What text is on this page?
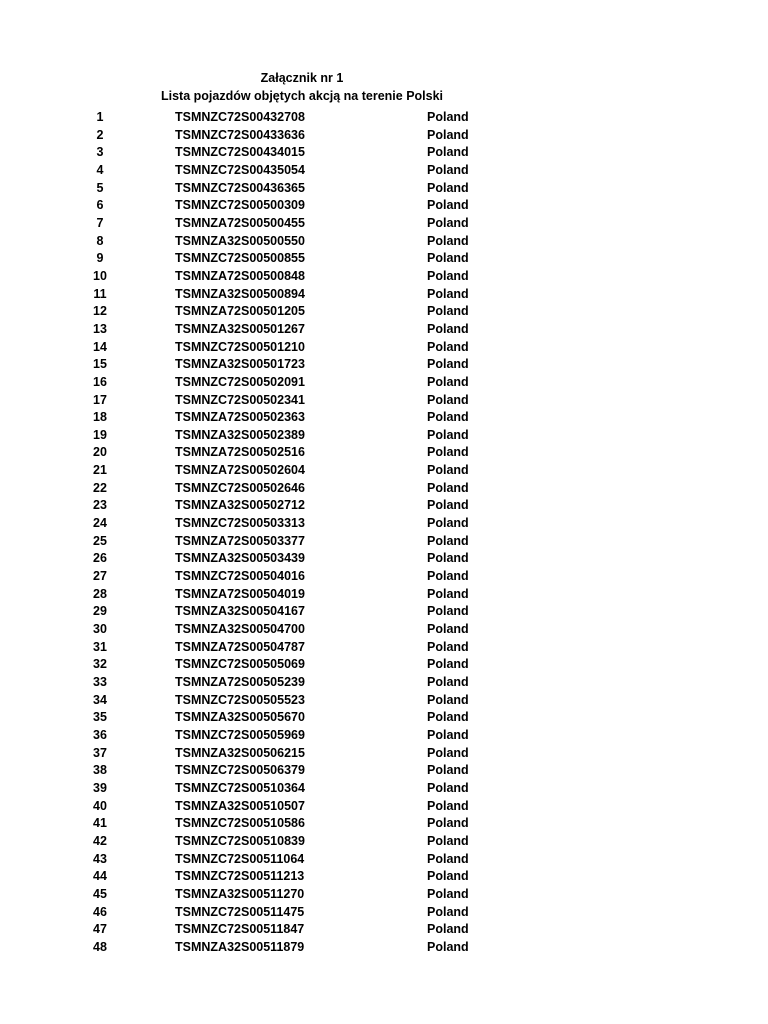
Załącznik nr 1
Lista pojazdów objętych akcją na terenie Polski
1	TSMNZC72S00432708	Poland
2	TSMNZC72S00433636	Poland
3	TSMNZC72S00434015	Poland
4	TSMNZC72S00435054	Poland
5	TSMNZC72S00436365	Poland
6	TSMNZC72S00500309	Poland
7	TSMNZA72S00500455	Poland
8	TSMNZA32S00500550	Poland
9	TSMNZC72S00500855	Poland
10	TSMNZA72S00500848	Poland
11	TSMNZA32S00500894	Poland
12	TSMNZA72S00501205	Poland
13	TSMNZA32S00501267	Poland
14	TSMNZC72S00501210	Poland
15	TSMNZA32S00501723	Poland
16	TSMNZC72S00502091	Poland
17	TSMNZC72S00502341	Poland
18	TSMNZA72S00502363	Poland
19	TSMNZA32S00502389	Poland
20	TSMNZA72S00502516	Poland
21	TSMNZA72S00502604	Poland
22	TSMNZC72S00502646	Poland
23	TSMNZA32S00502712	Poland
24	TSMNZC72S00503313	Poland
25	TSMNZA72S00503377	Poland
26	TSMNZA32S00503439	Poland
27	TSMNZC72S00504016	Poland
28	TSMNZA72S00504019	Poland
29	TSMNZA32S00504167	Poland
30	TSMNZA32S00504700	Poland
31	TSMNZA72S00504787	Poland
32	TSMNZC72S00505069	Poland
33	TSMNZA72S00505239	Poland
34	TSMNZC72S00505523	Poland
35	TSMNZA32S00505670	Poland
36	TSMNZC72S00505969	Poland
37	TSMNZA32S00506215	Poland
38	TSMNZC72S00506379	Poland
39	TSMNZC72S00510364	Poland
40	TSMNZA32S00510507	Poland
41	TSMNZC72S00510586	Poland
42	TSMNZC72S00510839	Poland
43	TSMNZC72S00511064	Poland
44	TSMNZC72S00511213	Poland
45	TSMNZA32S00511270	Poland
46	TSMNZC72S00511475	Poland
47	TSMNZC72S00511847	Poland
48	TSMNZA32S00511879	Poland
